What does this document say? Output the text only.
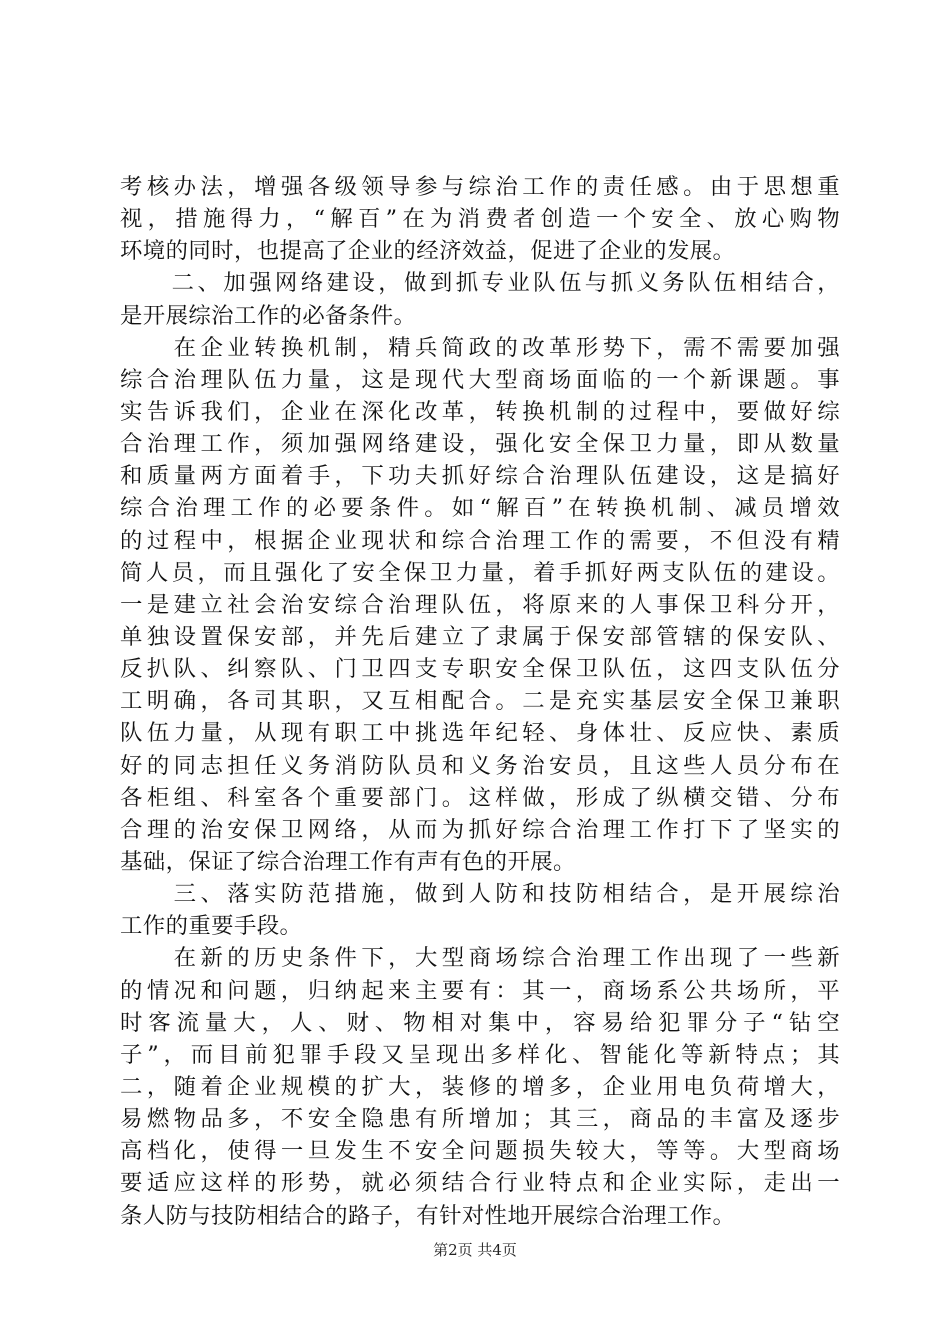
考核办法，增强各级领导参与综治工作的责任感。由于思想重
视，措施得力，“解百”在为消费者创造一个安全、放心购物
环境的同时，也提高了企业的经济效益，促进了企业的发展。
　　二、加强网络建设，做到抓专业队伍与抓义务队伍相结合，
是开展综治工作的必备条件。
　　在企业转换机制，精兵简政的改革形势下，需不需要加强
综合治理队伍力量，这是现代大型商场面临的一个新课题。事
实告诉我们，企业在深化改革，转换机制的过程中，要做好综
合治理工作，须加强网络建设，强化安全保卫力量，即从数量
和质量两方面着手，下功夫抓好综合治理队伍建设，这是搞好
综合治理工作的必要条件。如“解百”在转换机制、减员增效
的过程中，根据企业现状和综合治理工作的需要，不但没有精
简人员，而且强化了安全保卫力量，着手抓好两支队伍的建设。
一是建立社会治安综合治理队伍，将原来的人事保卫科分开，
单独设置保安部，并先后建立了隶属于保安部管辖的保安队、
反扒队、纠察队、门卫四支专职安全保卫队伍，这四支队伍分
工明确，各司其职，又互相配合。二是充实基层安全保卫兼职
队伍力量，从现有职工中挑选年纪轻、身体壮、反应快、素质
好的同志担任义务消防队员和义务治安员，且这些人员分布在
各柜组、科室各个重要部门。这样做，形成了纵横交错、分布
合理的治安保卫网络，从而为抓好综合治理工作打下了坚实的
基础，保证了综合治理工作有声有色的开展。
　　三、落实防范措施，做到人防和技防相结合，是开展综治
工作的重要手段。
　　在新的历史条件下，大型商场综合治理工作出现了一些新
的情况和问题，归纳起来主要有：其一，商场系公共场所，平
时客流量大，人、财、物相对集中，容易给犯罪分子“钻空
子”，而目前犯罪手段又呈现出多样化、智能化等新特点；其
二，随着企业规模的扩大，装修的增多，企业用电负荷增大，
易燃物品多，不安全隐患有所增加；其三，商品的丰富及逐步
高档化，使得一旦发生不安全问题损失较大，等等。大型商场
要适应这样的形势，就必须结合行业特点和企业实际，走出一
条人防与技防相结合的路子，有针对性地开展综合治理工作。
第2页 共4页
